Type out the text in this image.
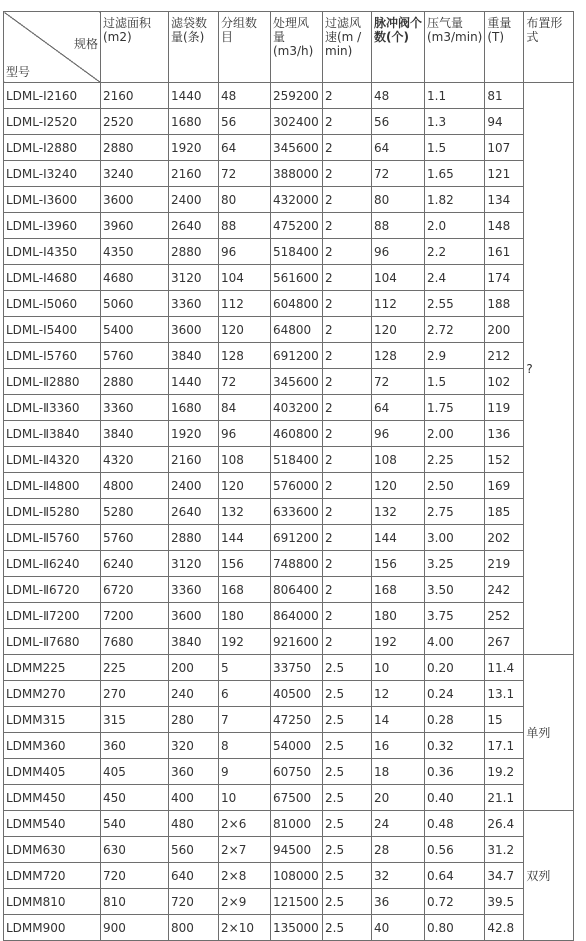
规格
型号	过滤面积(m2)	滤袋数量(条)	分组数目	处理风量(m3/h)	过滤风速(m / min)	脉冲阀个数(个)	压气量(m3/min)	重量(T)	布置形式
LDML-Ⅰ2160	2160	1440	48	259200	2	48	1.1	81	?
LDML-Ⅰ2520	2520	1680	56	302400	2	56	1.3	94	
LDML-Ⅰ2880	2880	1920	64	345600	2	64	1.5	107	
LDML-Ⅰ3240	3240	2160	72	388000	2	72	1.65	121	
LDML-Ⅰ3600	3600	2400	80	432000	2	80	1.82	134	
LDML-Ⅰ3960	3960	2640	88	475200	2	88	2.0	148	
LDML-Ⅰ4350	4350	2880	96	518400	2	96	2.2	161	
LDML-Ⅰ4680	4680	3120	104	561600	2	104	2.4	174	
LDML-Ⅰ5060	5060	3360	112	604800	2	112	2.55	188	
LDML-Ⅰ5400	5400	3600	120	64800	2	120	2.72	200	
LDML-Ⅰ5760	5760	3840	128	691200	2	128	2.9	212	
LDML-Ⅱ2880	2880	1440	72	345600	2	72	1.5	102	
LDML-Ⅱ3360	3360	1680	84	403200	2	64	1.75	119	
LDML-Ⅱ3840	3840	1920	96	460800	2	96	2.00	136	
LDML-Ⅱ4320	4320	2160	108	518400	2	108	2.25	152	
LDML-Ⅱ4800	4800	2400	120	576000	2	120	2.50	169	
LDML-Ⅱ5280	5280	2640	132	633600	2	132	2.75	185	
LDML-Ⅱ5760	5760	2880	144	691200	2	144	3.00	202	
LDML-Ⅱ6240	6240	3120	156	748800	2	156	3.25	219	
LDML-Ⅱ6720	6720	3360	168	806400	2	168	3.50	242	
LDML-Ⅱ7200	7200	3600	180	864000	2	180	3.75	252	
LDML-Ⅱ7680	7680	3840	192	921600	2	192	4.00	267	
LDMM225	225	200	5	33750	2.5	10	0.20	11.4	单列
LDMM270	270	240	6	40500	2.5	12	0.24	13.1	
LDMM315	315	280	7	47250	2.5	14	0.28	15	
LDMM360	360	320	8	54000	2.5	16	0.32	17.1	
LDMM405	405	360	9	60750	2.5	18	0.36	19.2	
LDMM450	450	400	10	67500	2.5	20	0.40	21.1	
LDMM540	540	480	2×6	81000	2.5	24	0.48	26.4	双列
LDMM630	630	560	2×7	94500	2.5	28	0.56	31.2	
LDMM720	720	640	2×8	108000	2.5	32	0.64	34.7	
LDMM810	810	720	2×9	121500	2.5	36	0.72	39.5	
LDMM900	900	800	2×10	135000	2.5	40	0.80	42.8	
